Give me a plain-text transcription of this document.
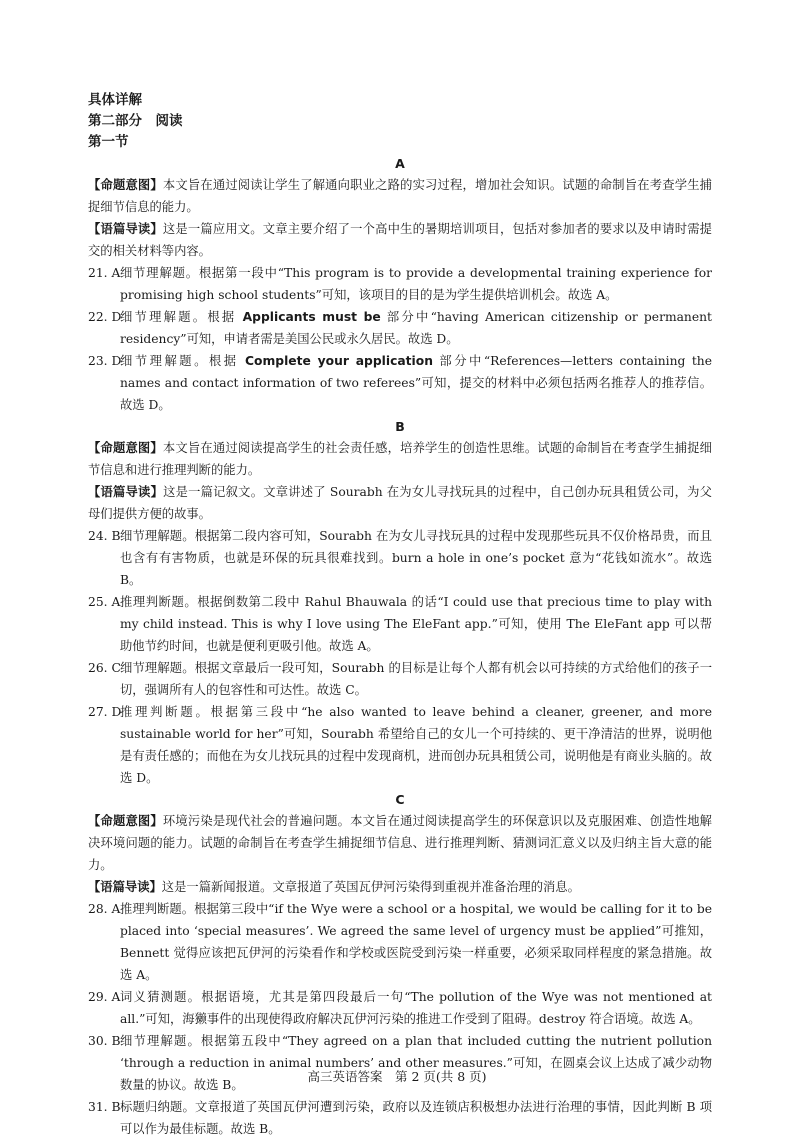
具体详解
第二部分　阅读
第一节
A

【命题意图】本文旨在通过阅读让学生了解通向职业之路的实习过程，增加社会知识。试题的命制旨在考查学生捕捉细节信息的能力。

【语篇导读】这是一篇应用文。文章主要介绍了一个高中生的暑期培训项目，包括对参加者的要求以及申请时需提交的相关材料等内容。

21. A 细节理解题。根据第一段中“This program is to provide a developmental training experience for promising high school students”可知，该项目的目的是为学生提供培训机会。故选 A。
22. D
细节理解题。根据 Applicants must be 部分中“having American citizenship or permanent residency”可知，申请者需是美国公民或永久居民。故选 D。
23. D
细节理解题。根据 Complete your application 部分中“References—letters containing the names and contact information of two referees”可知，提交的材料中必须包括两名推荐人的推荐信。故选 D。
B

【命题意图】本文旨在通过阅读提高学生的社会责任感，培养学生的创造性思维。试题的命制旨在考查学生捕捉细节信息和进行推理判断的能力。

【语篇导读】这是一篇记叙文。文章讲述了 Sourabh 在为女儿寻找玩具的过程中，自己创办玩具租赁公司，为父母们提供方便的故事。

24. B 细节理解题。根据第二段内容可知，Sourabh 在为女儿寻找玩具的过程中发现那些玩具不仅价格昂贵，而且也含有有害物质，也就是环保的玩具很难找到。burn a hole in one’s pocket 意为“花钱如流水”。故选 B。
25. A 推理判断题。根据倒数第二段中 Rahul Bhauwala 的话“I could use that precious time to play with my child instead. This is why I love using The EleFant app.”可知，使用 The EleFant app 可以帮助他节约时间，也就是便利更吸引他。故选 A。
26. C 细节理解题。根据文章最后一段可知，Sourabh 的目标是让每个人都有机会以可持续的方式给他们的孩子一切，强调所有人的包容性和可达性。故选 C。
27. D
推理判断题。根据第三段中“he also wanted to leave behind a cleaner, greener, and more sustainable world for her”可知，Sourabh 希望给自己的女儿一个可持续的、更干净清洁的世界，说明他是有责任感的；而他在为女儿找玩具的过程中发现商机，进而创办玩具租赁公司，说明他是有商业头脑的。故选 D。
C

【命题意图】环境污染是现代社会的普遍问题。本文旨在通过阅读提高学生的环保意识以及克服困难、创造性地解决环境问题的能力。试题的命制旨在考查学生捕捉细节信息、进行推理判断、猜测词汇意义以及归纳主旨大意的能力。

【语篇导读】这是一篇新闻报道。文章报道了英国瓦伊河污染得到重视并准备治理的消息。

28. A 推理判断题。根据第三段中“if the Wye were a school or a hospital, we would be calling for it to be placed into ‘special measures’. We agreed the same level of urgency must be applied”可推知，Bennett 觉得应该把瓦伊河的污染看作和学校或医院受到污染一样重要，必须采取同样程度的紧急措施。故选 A。
29. A 词义猜测题。根据语境，尤其是第四段最后一句“The pollution of the Wye was not mentioned at all.”可知，海獭事件的出现使得政府解决瓦伊河污染的推进工作受到了阻碍。destroy 符合语境。故选 A。
30. B 细节理解题。根据第五段中“They agreed on a plan that included cutting the nutrient pollution ‘through a reduction in animal numbers’ and other measures.”可知，在圆桌会议上达成了减少动物数量的协议。故选 B。
31. B 标题归纳题。文章报道了英国瓦伊河遭到污染，政府以及连锁店积极想办法进行治理的事情，因此判断 B 项可以作为最佳标题。故选 B。
高三英语答案　第 2 页(共 8 页)
